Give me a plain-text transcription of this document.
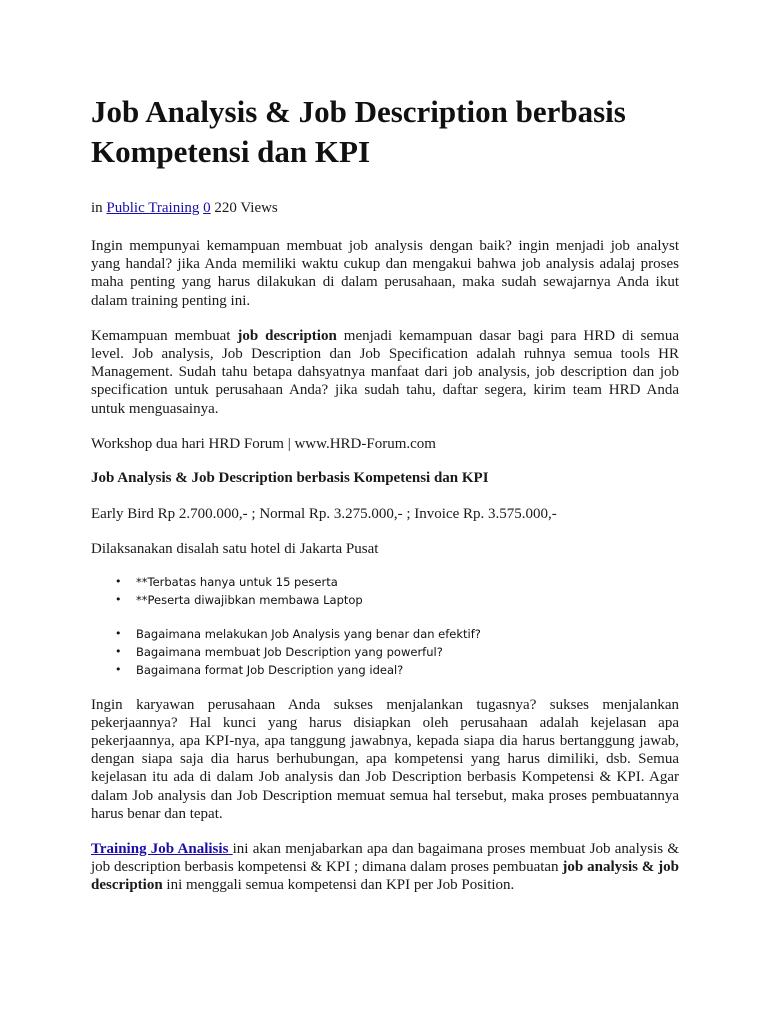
Job Analysis & Job Description berbasis Kompetensi dan KPI
in Public Training 0 220 Views

Ingin mempunyai kemampuan membuat job analysis dengan baik? ingin menjadi job analyst yang handal? jika Anda memiliki waktu cukup dan mengakui bahwa job analysis adalaj proses maha penting yang harus dilakukan di dalam perusahaan, maka sudah sewajarnya Anda ikut dalam training penting ini.

Kemampuan membuat job description menjadi kemampuan dasar bagi para HRD di semua level. Job analysis, Job Description dan Job Specification adalah ruhnya semua tools HR Management. Sudah tahu betapa dahsyatnya manfaat dari job analysis, job description dan job specification untuk perusahaan Anda? jika sudah tahu, daftar segera, kirim team HRD Anda untuk menguasainya.

Workshop dua hari HRD Forum | www.HRD-Forum.com

Job Analysis & Job Description berbasis Kompetensi dan KPI

Early Bird Rp 2.700.000,- ; Normal Rp. 3.275.000,- ; Invoice Rp. 3.575.000,-

Dilaksanakan disalah satu hotel di Jakarta Pusat

• **Terbatas hanya untuk 15 peserta
• **Peserta diwajibkan membawa Laptop
• Bagaimana melakukan Job Analysis yang benar dan efektif?
• Bagaimana membuat Job Description yang powerful?
• Bagaimana format Job Description yang ideal?

Ingin karyawan perusahaan Anda sukses menjalankan tugasnya? sukses menjalankan pekerjaannya? Hal kunci yang harus disiapkan oleh perusahaan adalah kejelasan apa pekerjaannya, apa KPI-nya, apa tanggung jawabnya, kepada siapa dia harus bertanggung jawab, dengan siapa saja dia harus berhubungan, apa kompetensi yang harus dimiliki, dsb. Semua kejelasan itu ada di dalam Job analysis dan Job Description berbasis Kompetensi & KPI. Agar dalam Job analysis dan Job Description memuat semua hal tersebut, maka proses pembuatannya harus benar dan tepat.

Training Job Analisis ini akan menjabarkan apa dan bagaimana proses membuat Job analysis & job description berbasis kompetensi & KPI ; dimana dalam proses pembuatan job analysis & job description ini menggali semua kompetensi dan KPI per Job Position.
